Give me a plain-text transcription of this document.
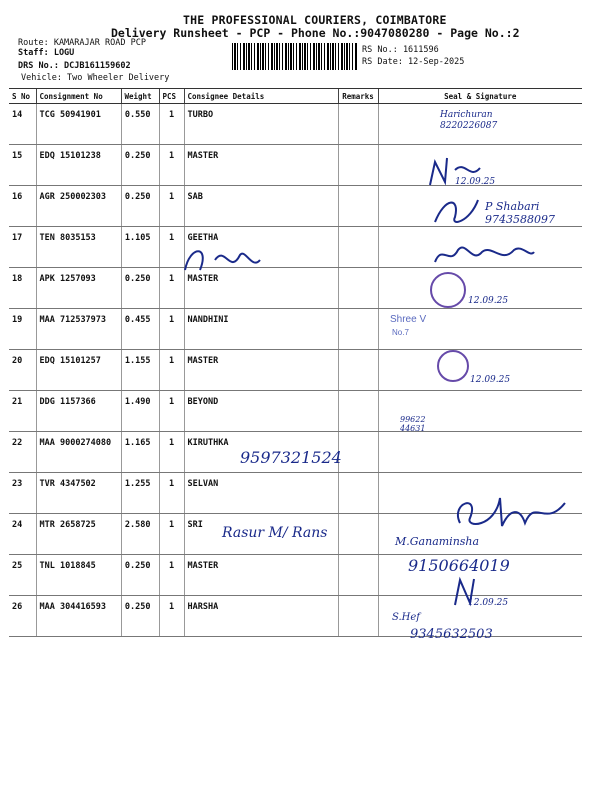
THE PROFESSIONAL COURIERS, COIMBATORE
Delivery Runsheet - PCP - Phone No.:9047080280 - Page No.:2
Route: KAMARAJAR ROAD PCP
Staff: LOGU
DRS No.: DCJB161159602
Vehicle: Two Wheeler Delivery
RS No.: 1611596
RS Date: 12-Sep-2025
S No	Consignment No	Weight	PCS	Consignee Details	Remarks	Seal & Signature
14	TCG 50941901	0.550	1	TURBO		
15	EDQ 15101238	0.250	1	MASTER		
16	AGR 250002303	0.250	1	SAB		
17	TEN 8035153	1.105	1	GEETHA		
18	APK 1257093	0.250	1	MASTER		
19	MAA 712537973	0.455	1	NANDHINI		
20	EDQ 15101257	1.155	1	MASTER		
21	DDG 1157366	1.490	1	BEYOND		
22	MAA 9000274080	1.165	1	KIRUTHKA		
23	TVR 4347502	1.255	1	SELVAN		
24	MTR 2658725	2.580	1	SRI		
25	TNL 1018845	0.250	1	MASTER		
26	MAA 304416593	0.250	1	HARSHA		
Harichuran 8220226087
12.09.25
P Shabari 9743588097
12.09.25
Shree V
No.7
12.09.25
99622 44631
9597321524
Rasur M/ Rans
M.Ganaminsha
9150664019
12.09.25
S.Hef
9345632503
